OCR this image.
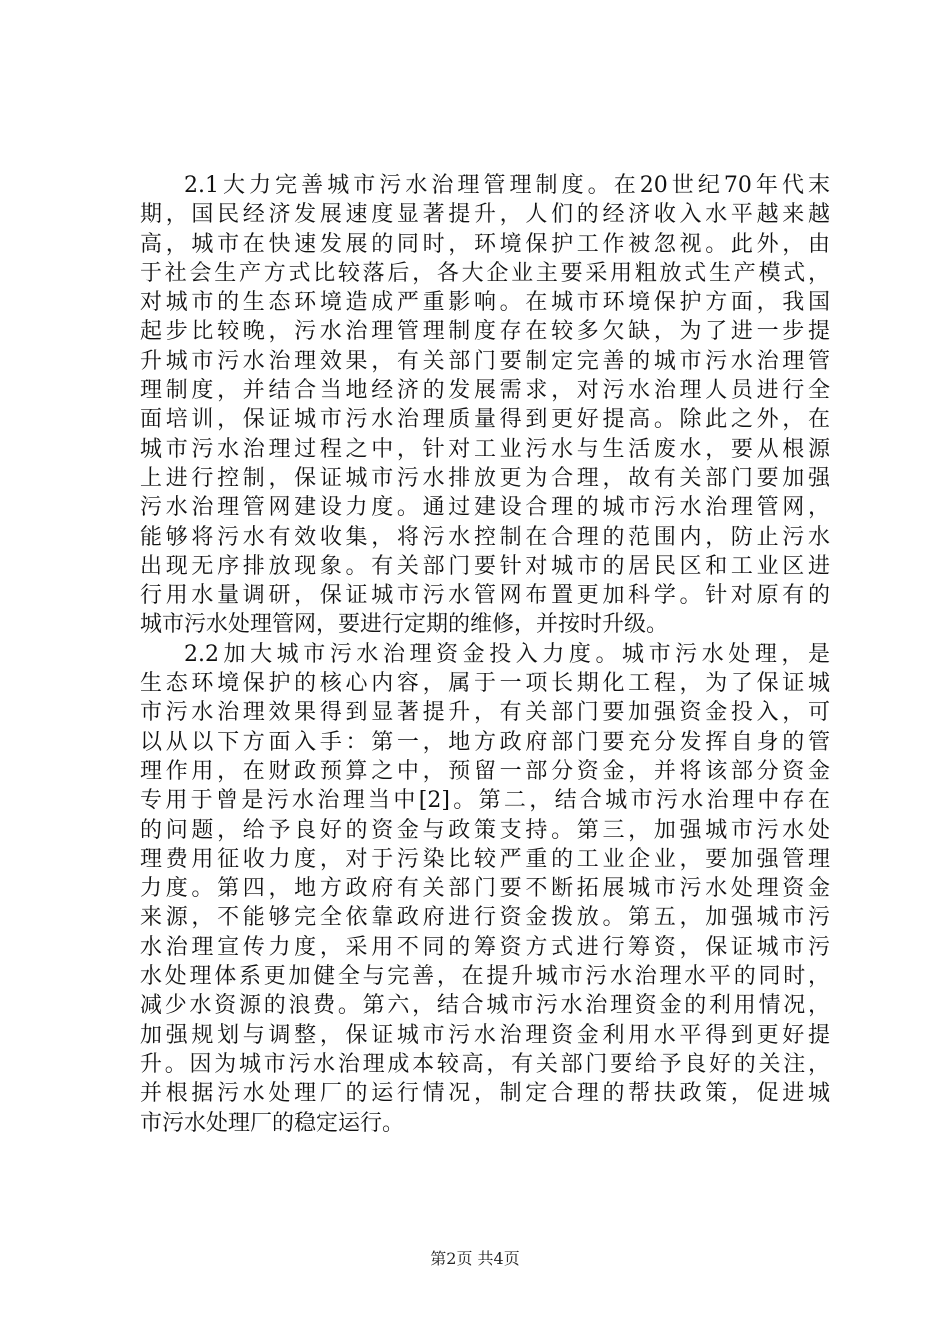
2.1大力完善城市污水治理管理制度。在20世纪70年代末
期，国民经济发展速度显著提升，人们的经济收入水平越来越
高，城市在快速发展的同时，环境保护工作被忽视。此外，由
于社会生产方式比较落后，各大企业主要采用粗放式生产模式，
对城市的生态环境造成严重影响。在城市环境保护方面，我国
起步比较晚，污水治理管理制度存在较多欠缺，为了进一步提
升城市污水治理效果，有关部门要制定完善的城市污水治理管
理制度，并结合当地经济的发展需求，对污水治理人员进行全
面培训，保证城市污水治理质量得到更好提高。除此之外，在
城市污水治理过程之中，针对工业污水与生活废水，要从根源
上进行控制，保证城市污水排放更为合理，故有关部门要加强
污水治理管网建设力度。通过建设合理的城市污水治理管网，
能够将污水有效收集，将污水控制在合理的范围内，防止污水
出现无序排放现象。有关部门要针对城市的居民区和工业区进
行用水量调研，保证城市污水管网布置更加科学。针对原有的
城市污水处理管网，要进行定期的维修，并按时升级。
2.2加大城市污水治理资金投入力度。城市污水处理，是
生态环境保护的核心内容，属于一项长期化工程，为了保证城
市污水治理效果得到显著提升，有关部门要加强资金投入，可
以从以下方面入手：第一，地方政府部门要充分发挥自身的管
理作用，在财政预算之中，预留一部分资金，并将该部分资金
专用于曾是污水治理当中[2]。第二，结合城市污水治理中存在
的问题，给予良好的资金与政策支持。第三，加强城市污水处
理费用征收力度，对于污染比较严重的工业企业，要加强管理
力度。第四，地方政府有关部门要不断拓展城市污水处理资金
来源，不能够完全依靠政府进行资金拨放。第五，加强城市污
水治理宣传力度，采用不同的筹资方式进行筹资，保证城市污
水处理体系更加健全与完善，在提升城市污水治理水平的同时，
减少水资源的浪费。第六，结合城市污水治理资金的利用情况，
加强规划与调整，保证城市污水治理资金利用水平得到更好提
升。因为城市污水治理成本较高，有关部门要给予良好的关注，
并根据污水处理厂的运行情况，制定合理的帮扶政策，促进城
市污水处理厂的稳定运行。
第2页 共4页
